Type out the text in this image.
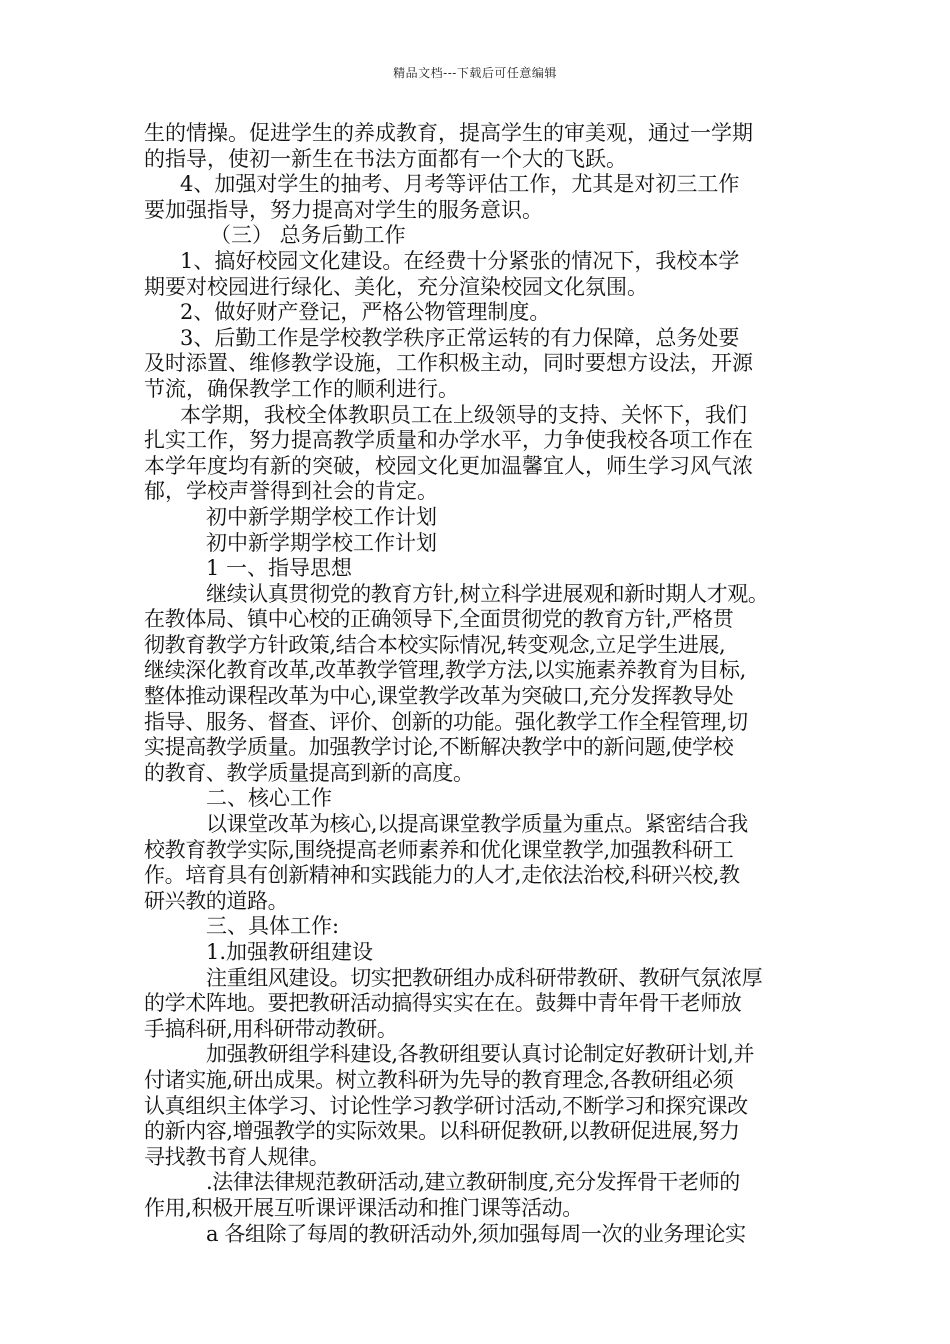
精品文档---下载后可任意编辑
生的情操。促进学生的养成教育，提高学生的审美观，通过一学期
的指导，使初一新生在书法方面都有一个大的飞跃。
4、加强对学生的抽考、月考等评估工作，尤其是对初三工作
要加强指导，努力提高对学生的服务意识。
（三） 总务后勤工作
1、搞好校园文化建设。在经费十分紧张的情况下，我校本学
期要对校园进行绿化、美化，充分渲染校园文化氛围。
2、做好财产登记，严格公物管理制度。
3、后勤工作是学校教学秩序正常运转的有力保障，总务处要
及时添置、维修教学设施，工作积极主动，同时要想方设法，开源
节流，确保教学工作的顺利进行。
本学期，我校全体教职员工在上级领导的支持、关怀下，我们
扎实工作，努力提高教学质量和办学水平，力争使我校各项工作在
本学年度均有新的突破，校园文化更加温馨宜人，师生学习风气浓
郁，学校声誉得到社会的肯定。
初中新学期学校工作计划
初中新学期学校工作计划
1 一、指导思想
继续认真贯彻党的教育方针,树立科学进展观和新时期人才观。
在教体局、镇中心校的正确领导下,全面贯彻党的教育方针,严格贯
彻教育教学方针政策,结合本校实际情况,转变观念,立足学生进展,
继续深化教育改革,改革教学管理,教学方法,以实施素养教育为目标,
整体推动课程改革为中心,课堂教学改革为突破口,充分发挥教导处
指导、服务、督查、评价、创新的功能。强化教学工作全程管理,切
实提高教学质量。加强教学讨论,不断解决教学中的新问题,使学校
的教育、教学质量提高到新的高度。
二、核心工作
以课堂改革为核心,以提高课堂教学质量为重点。紧密结合我
校教育教学实际,围绕提高老师素养和优化课堂教学,加强教科研工
作。培育具有创新精神和实践能力的人才,走依法治校,科研兴校,教
研兴教的道路。
三、具体工作:
1.加强教研组建设
注重组风建设。切实把教研组办成科研带教研、教研气氛浓厚
的学术阵地。要把教研活动搞得实实在在。鼓舞中青年骨干老师放
手搞科研,用科研带动教研。
加强教研组学科建设,各教研组要认真讨论制定好教研计划,并
付诸实施,研出成果。树立教科研为先导的教育理念,各教研组必须
认真组织主体学习、讨论性学习教学研讨活动,不断学习和探究课改
的新内容,增强教学的实际效果。以科研促教研,以教研促进展,努力
寻找教书育人规律。
.法律法律规范教研活动,建立教研制度,充分发挥骨干老师的
作用,积极开展互听课评课活动和推门课等活动。
a 各组除了每周的教研活动外,须加强每周一次的业务理论实
